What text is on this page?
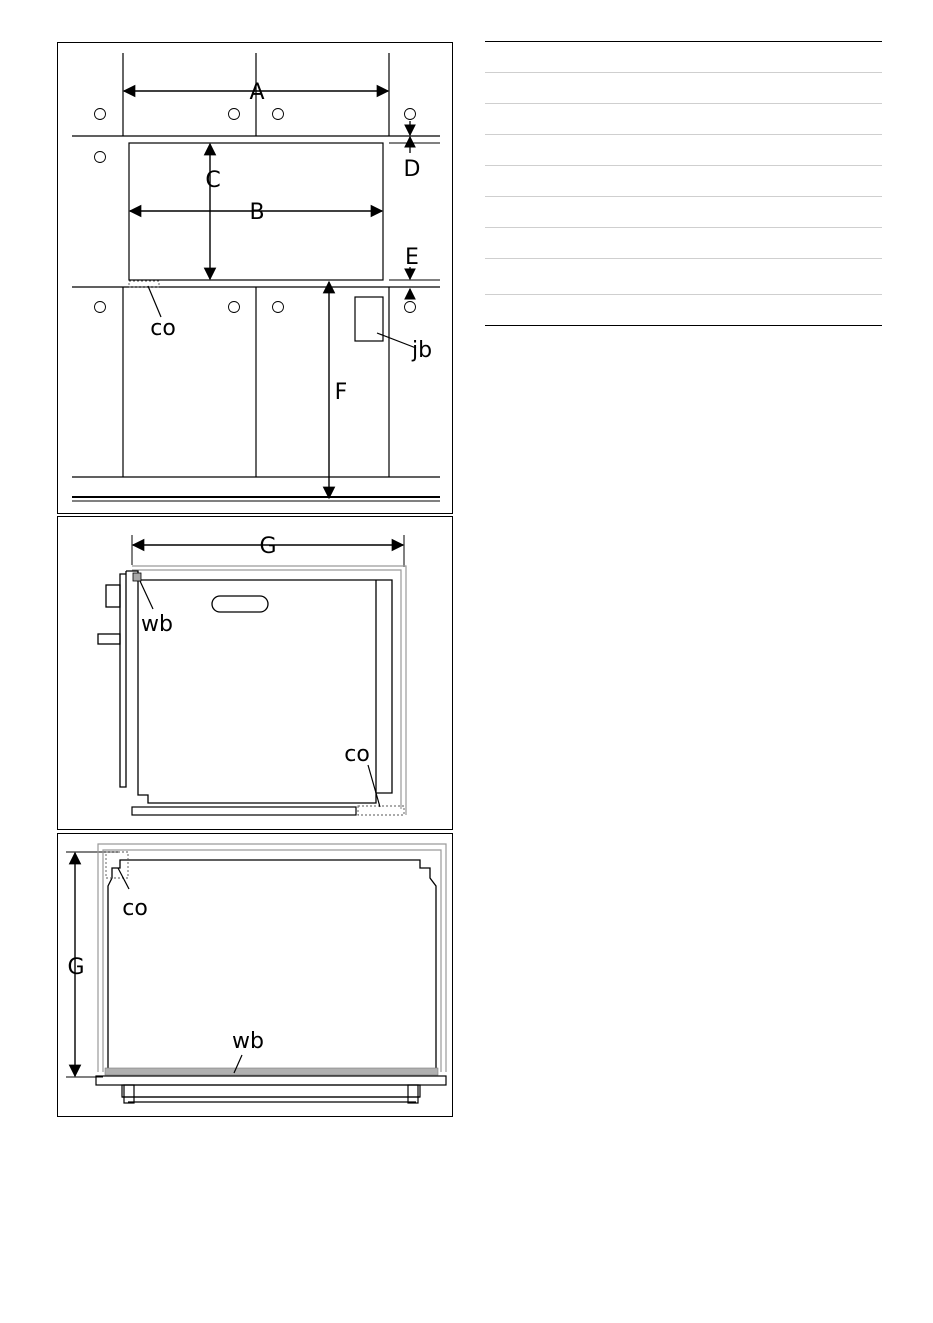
A
C
B
D
E
F
co
jb
G
wb
co
G
co
wb
